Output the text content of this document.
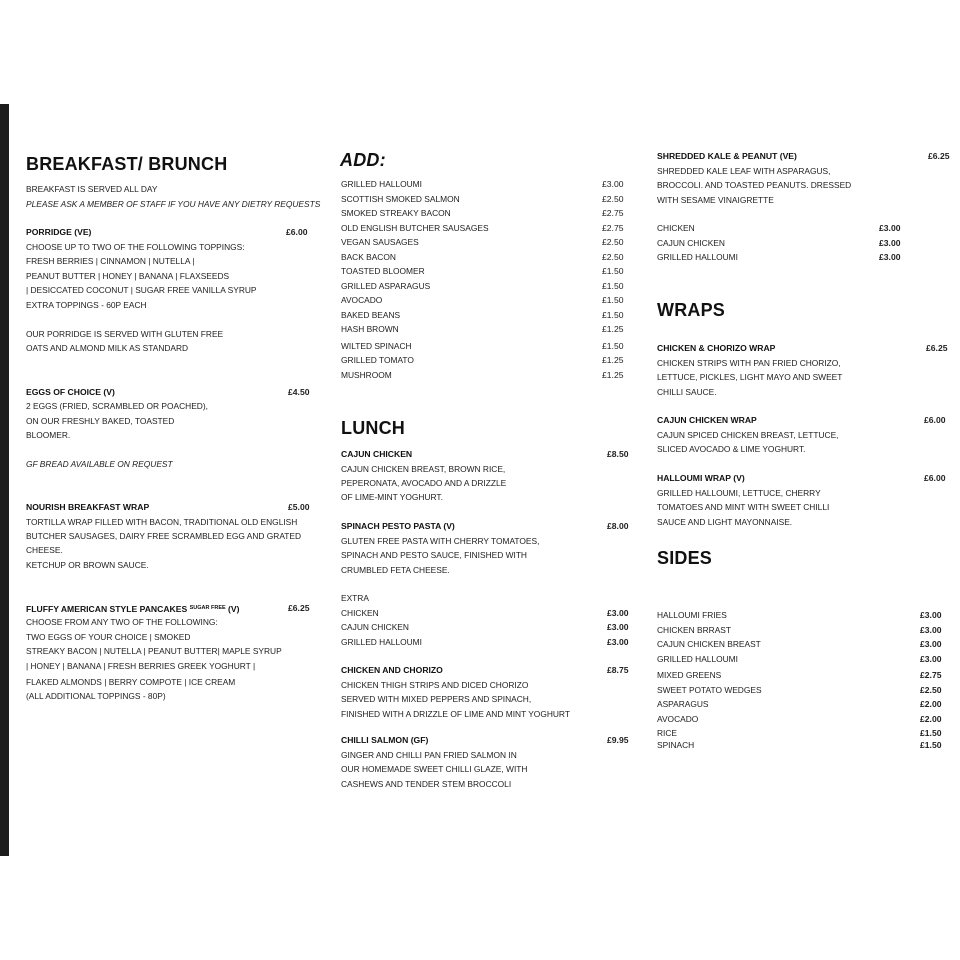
BREAKFAST/ BRUNCH
BREAKFAST IS SERVED ALL DAY
PLEASE ASK A MEMBER OF STAFF IF YOU HAVE ANY DIETRY REQUESTS
PORRIDGE (VE)	£6.00
CHOOSE UP TO TWO OF THE FOLLOWING TOPPINGS:
FRESH BERRIES | CINNAMON | NUTELLA |
PEANUT BUTTER | HONEY | BANANA | FLAXSEEDS
| DESICCATED COCONUT | SUGAR FREE VANILLA SYRUP
EXTRA TOPPINGS - 60P EACH
OUR PORRIDGE IS SERVED WITH GLUTEN FREE
OATS AND ALMOND MILK AS STANDARD
EGGS OF CHOICE (V)	£4.50
2 EGGS (FRIED, SCRAMBLED OR POACHED),
ON OUR FRESHLY BAKED, TOASTED
BLOOMER.
GF BREAD AVAILABLE ON REQUEST
NOURISH BREAKFAST WRAP	£5.00
TORTILLA WRAP FILLED WITH BACON, TRADITIONAL OLD ENGLISH
BUTCHER SAUSAGES, DAIRY FREE SCRAMBLED EGG AND GRATED
CHEESE.
KETCHUP OR BROWN SAUCE.
FLUFFY AMERICAN STYLE PANCAKES $^{SUGAR FREE}$ (V)	£6.25
CHOOSE FROM ANY TWO OF THE FOLLOWING:
TWO EGGS OF YOUR CHOICE | SMOKED
STREAKY BACON | NUTELLA | PEANUT BUTTER| MAPLE SYRUP
| HONEY | BANANA | FRESH BERRIES GREEK YOGHURT |
FLAKED ALMONDS | BERRY COMPOTE | ICE CREAM
(ALL ADDITIONAL TOPPINGS - 80P)
ADD:
GRILLED HALLOUMI	£3.00
SCOTTISH SMOKED SALMON	£2.50
SMOKED STREAKY BACON	£2.75
OLD ENGLISH BUTCHER SAUSAGES	£2.75
VEGAN SAUSAGES	£2.50
BACK BACON	£2.50
TOASTED BLOOMER	£1.50
GRILLED ASPARAGUS	£1.50
AVOCADO	£1.50
BAKED BEANS	£1.50
HASH BROWN	£1.25
WILTED SPINACH	£1.50
GRILLED TOMATO	£1.25
MUSHROOM	£1.25
LUNCH
CAJUN CHICKEN	£8.50
CAJUN CHICKEN BREAST, BROWN RICE,
PEPERONATA, AVOCADO AND A DRIZZLE
OF LIME-MINT YOGHURT.
SPINACH PESTO PASTA (V)	£8.00
GLUTEN FREE PASTA WITH CHERRY TOMATOES,
SPINACH AND PESTO SAUCE, FINISHED WITH
CRUMBLED FETA CHEESE.
EXTRA
CHICKEN	£3.00
CAJUN CHICKEN	£3.00
GRILLED HALLOUMI	£3.00
CHICKEN AND CHORIZO	£8.75
CHICKEN THIGH STRIPS AND DICED CHORIZO
SERVED WITH MIXED PEPPERS AND SPINACH,
FINISHED WITH A DRIZZLE OF LIME AND MINT YOGHURT
CHILLI SALMON (GF)	£9.95
GINGER AND CHILLI PAN FRIED SALMON IN
OUR HOMEMADE SWEET CHILLI GLAZE, WITH
CASHEWS AND TENDER STEM BROCCOLI
SHREDDED KALE & PEANUT (VE)	£6.25
SHREDDED KALE LEAF WITH ASPARAGUS,
BROCCOLI. AND TOASTED PEANUTS. DRESSED
WITH SESAME VINAIGRETTE
CHICKEN	£3.00
CAJUN CHICKEN	£3.00
GRILLED HALLOUMI	£3.00
WRAPS
CHICKEN & CHORIZO WRAP	£6.25
CHICKEN STRIPS WITH PAN FRIED CHORIZO,
LETTUCE, PICKLES, LIGHT MAYO AND SWEET
CHILLI SAUCE.
CAJUN CHICKEN WRAP	£6.00
CAJUN SPICED CHICKEN BREAST, LETTUCE,
SLICED AVOCADO & LIME YOGHURT.
HALLOUMI WRAP (V)	£6.00
GRILLED HALLOUMI, LETTUCE, CHERRY
TOMATOES AND MINT WITH SWEET CHILLI
SAUCE AND LIGHT MAYONNAISE.
SIDES
HALLOUMI FRIES	£3.00
CHICKEN BRRAST	£3.00
CAJUN CHICKEN BREAST	£3.00
GRILLED HALLOUMI	£3.00
MIXED GREENS	£2.75
SWEET POTATO WEDGES	£2.50
ASPARAGUS	£2.00
AVOCADO	£2.00
RICE	£1.50
SPINACH	£1.50
